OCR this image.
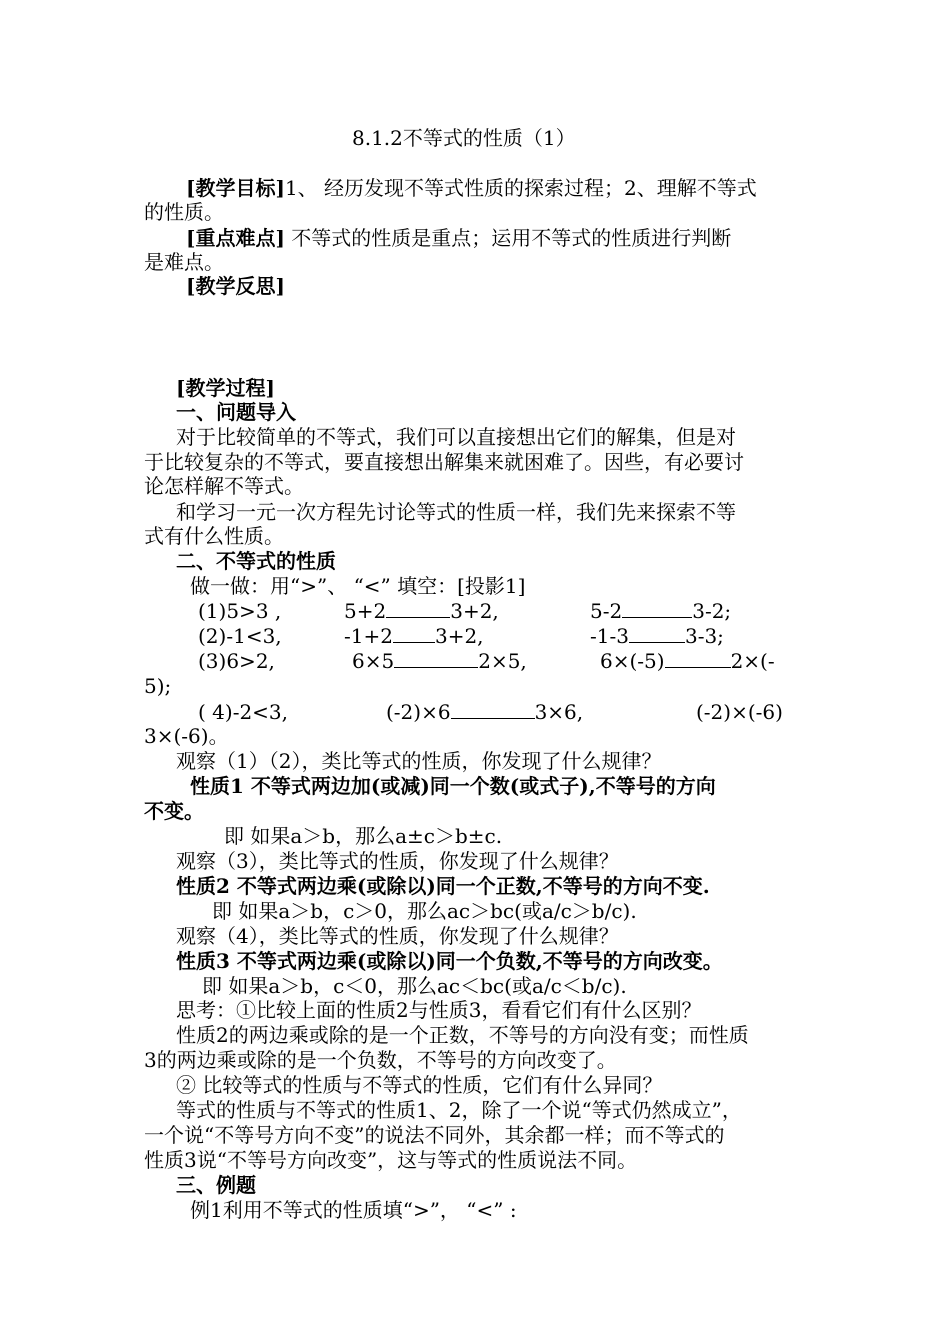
8.1.2不等式的性质（1）
[教学目标]1、 经历发现不等式性质的探索过程；2、理解不等式
的性质。
[重点难点] 不等式的性质是重点；运用不等式的性质进行判断
是难点。
[教学反思]
[教学过程]
一、问题导入
对于比较简单的不等式，我们可以直接想出它们的解集，但是对
于比较复杂的不等式，要直接想出解集来就困难了。因些，有必要讨
论怎样解不等式。
和学习一元一次方程先讨论等式的性质一样，我们先来探索不等
式有什么性质。
二、不等式的性质
做一做：用“>”、 “<” 填空：[投影1]
(1)5>3 ,	5+2	3+2,	5-2	3-2;
(2)-1<3,	-1+2 3+2,	-1-3	3-3;
(3)6>2,	6×5	2×5,	6×(-5)	2×(-
5);
( 4)-2<3,	(-2)×6	3×6,	(-2)×(-6)
3×(-6)。
观察（1）（2），类比等式的性质，你发现了什么规律？
性质1 不等式两边加(或减)同一个数(或式子),不等号的方向
不变。
即 如果a＞b，那么a±c＞b±c.
观察（3），类比等式的性质，你发现了什么规律？
性质2 不等式两边乘(或除以)同一个正数,不等号的方向不变.
即 如果a＞b，c＞0，那么ac＞bc(或a/c＞b/c).
观察（4），类比等式的性质，你发现了什么规律？
性质3 不等式两边乘(或除以)同一个负数,不等号的方向改变。
即 如果a＞b，c＜0，那么ac＜bc(或a/c＜b/c).
思考：①比较上面的性质2与性质3，看看它们有什么区别？
性质2的两边乘或除的是一个正数，不等号的方向没有变；而性质
3的两边乘或除的是一个负数，不等号的方向改变了。
② 比较等式的性质与不等式的性质，它们有什么异同？
等式的性质与不等式的性质1、2，除了一个说“等式仍然成立”，
一个说“不等号方向不变”的说法不同外，其余都一样；而不等式的
性质3说“不等号方向改变”，这与等式的性质说法不同。
三、例题
例1利用不等式的性质填“>”， “<” :
